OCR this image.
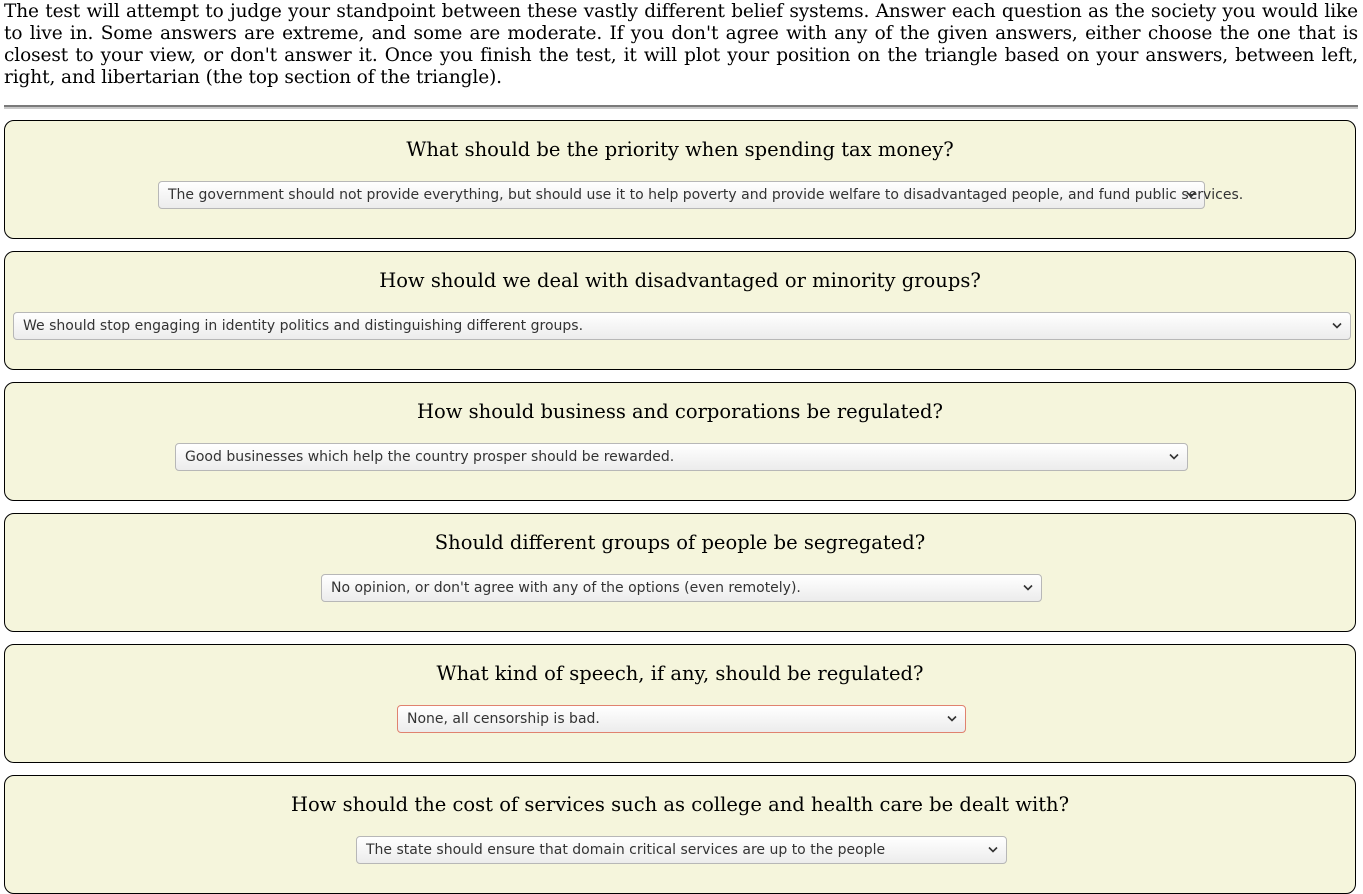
The test will attempt to judge your standpoint between these vastly different belief systems. Answer each question as the society you would like to live in. Some answers are extreme, and some are moderate. If you don't agree with any of the given answers, either choose the one that is closest to your view, or don't answer it. Once you finish the test, it will plot your position on the triangle based on your answers, between left, right, and libertarian (the top section of the triangle).

What should be the priority when spending tax money?
The government should not provide everything, but should use it to help poverty and provide welfare to disadvantaged people, and fund public services.
How should we deal with disadvantaged or minority groups?
We should stop engaging in identity politics and distinguishing different groups.
How should business and corporations be regulated?
Good businesses which help the country prosper should be rewarded.
Should different groups of people be segregated?
No opinion, or don't agree with any of the options (even remotely).
What kind of speech, if any, should be regulated?
None, all censorship is bad.
How should the cost of services such as college and health care be dealt with?
The state should ensure that domain critical services are up to the people
